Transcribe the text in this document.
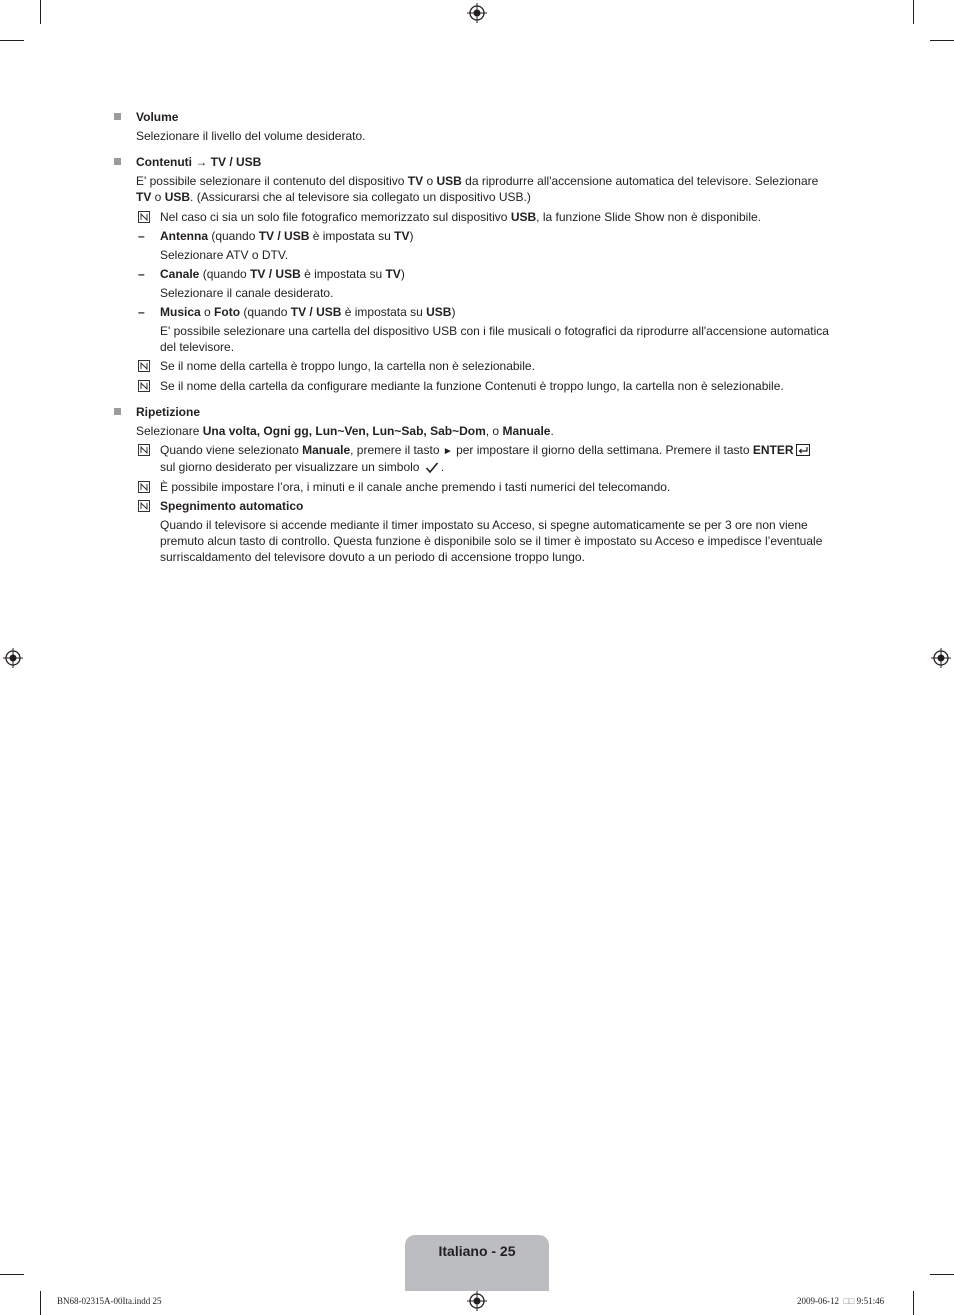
Volume
Selezionare il livello del volume desiderato.
Contenuti → TV / USB
E' possibile selezionare il contenuto del dispositivo TV o USB da riprodurre all'accensione automatica del televisore. Selezionare
TV o USB. (Assicurarsi che al televisore sia collegato un dispositivo USB.)
Nel caso ci sia un solo file fotografico memorizzato sul dispositivo USB, la funzione Slide Show non è disponibile.
– Antenna (quando TV / USB è impostata su TV)
Selezionare ATV o DTV.
– Canale (quando TV / USB è impostata su TV)
Selezionare il canale desiderato.
– Musica o Foto (quando TV / USB è impostata su USB)
E' possibile selezionare una cartella del dispositivo USB con i file musicali o fotografici da riprodurre all'accensione automatica
del televisore.
Se il nome della cartella è troppo lungo, la cartella non è selezionabile.
Se il nome della cartella da configurare mediante la funzione Contenuti è troppo lungo, la cartella non è selezionabile.
Ripetizione
Selezionare Una volta, Ogni gg, Lun~Ven, Lun~Sab, Sab~Dom, o Manuale.
Quando viene selezionato Manuale, premere il tasto ► per impostare il giorno della settimana. Premere il tasto ENTER
sul giorno desiderato per visualizzare un simbolo .
È possibile impostare l’ora, i minuti e il canale anche premendo i tasti numerici del telecomando.
Spegnimento automatico
Quando il televisore si accende mediante il timer impostato su Acceso, si spegne automaticamente se per 3 ore non viene
premuto alcun tasto di controllo. Questa funzione è disponibile solo se il timer è impostato su Acceso e impedisce l’eventuale
surriscaldamento del televisore dovuto a un periodo di accensione troppo lungo.
Italiano - 25
BN68-02315A-00Ita.indd 25	2009-06-12 □□ 9:51:46
